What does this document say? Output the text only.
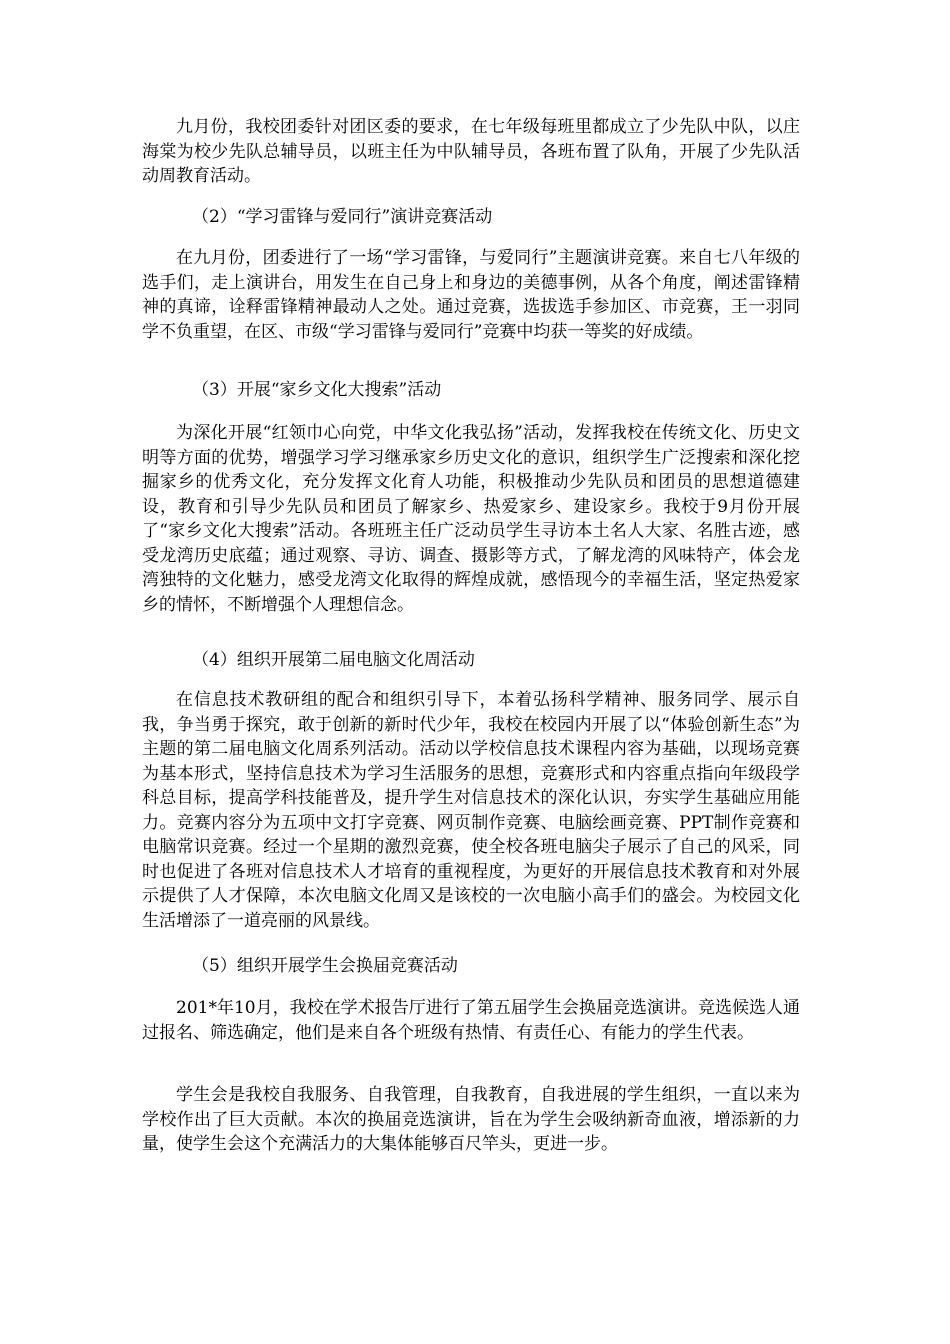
九月份，我校团委针对团区委的要求，在七年级每班里都成立了少先队中队，以庄海棠为校少先队总辅导员，以班主任为中队辅导员，各班布置了队角，开展了少先队活动周教育活动。

（2）“学习雷锋与爱同行”演讲竞赛活动

在九月份，团委进行了一场“学习雷锋，与爱同行”主题演讲竞赛。来自七八年级的选手们，走上演讲台，用发生在自己身上和身边的美德事例，从各个角度，阐述雷锋精神的真谛，诠释雷锋精神最动人之处。通过竞赛，选拔选手参加区、市竞赛，王一羽同学不负重望，在区、市级“学习雷锋与爱同行”竞赛中均获一等奖的好成绩。

（3）开展“家乡文化大搜索”活动

为深化开展“红领巾心向党，中华文化我弘扬”活动，发挥我校在传统文化、历史文明等方面的优势，增强学习学习继承家乡历史文化的意识，组织学生广泛搜索和深化挖掘家乡的优秀文化，充分发挥文化育人功能，积极推动少先队员和团员的思想道德建设，教育和引导少先队员和团员了解家乡、热爱家乡、建设家乡。我校于9月份开展了“家乡文化大搜索”活动。各班班主任广泛动员学生寻访本土名人大家、名胜古迹，感受龙湾历史底蕴；通过观察、寻访、调查、摄影等方式，了解龙湾的风味特产，体会龙湾独特的文化魅力，感受龙湾文化取得的辉煌成就，感悟现今的幸福生活，坚定热爱家乡的情怀，不断增强个人理想信念。

（4）组织开展第二届电脑文化周活动

在信息技术教研组的配合和组织引导下，本着弘扬科学精神、服务同学、展示自我，争当勇于探究，敢于创新的新时代少年，我校在校园内开展了以“体验创新生态”为主题的第二届电脑文化周系列活动。活动以学校信息技术课程内容为基础，以现场竞赛为基本形式，坚持信息技术为学习生活服务的思想，竞赛形式和内容重点指向年级段学科总目标，提高学科技能普及，提升学生对信息技术的深化认识，夯实学生基础应用能力。竞赛内容分为五项中文打字竞赛、网页制作竞赛、电脑绘画竞赛、PPT制作竞赛和电脑常识竞赛。经过一个星期的激烈竞赛，使全校各班电脑尖子展示了自己的风采，同时也促进了各班对信息技术人才培育的重视程度，为更好的开展信息技术教育和对外展示提供了人才保障，本次电脑文化周又是该校的一次电脑小高手们的盛会。为校园文化生活增添了一道亮丽的风景线。

（5）组织开展学生会换届竞赛活动

201*年10月，我校在学术报告厅进行了第五届学生会换届竞选演讲。竞选候选人通过报名、筛选确定，他们是来自各个班级有热情、有责任心、有能力的学生代表。

学生会是我校自我服务、自我管理，自我教育，自我进展的学生组织，一直以来为学校作出了巨大贡献。本次的换届竞选演讲，旨在为学生会吸纳新奇血液，增添新的力量，使学生会这个充满活力的大集体能够百尺竿头，更进一步。
